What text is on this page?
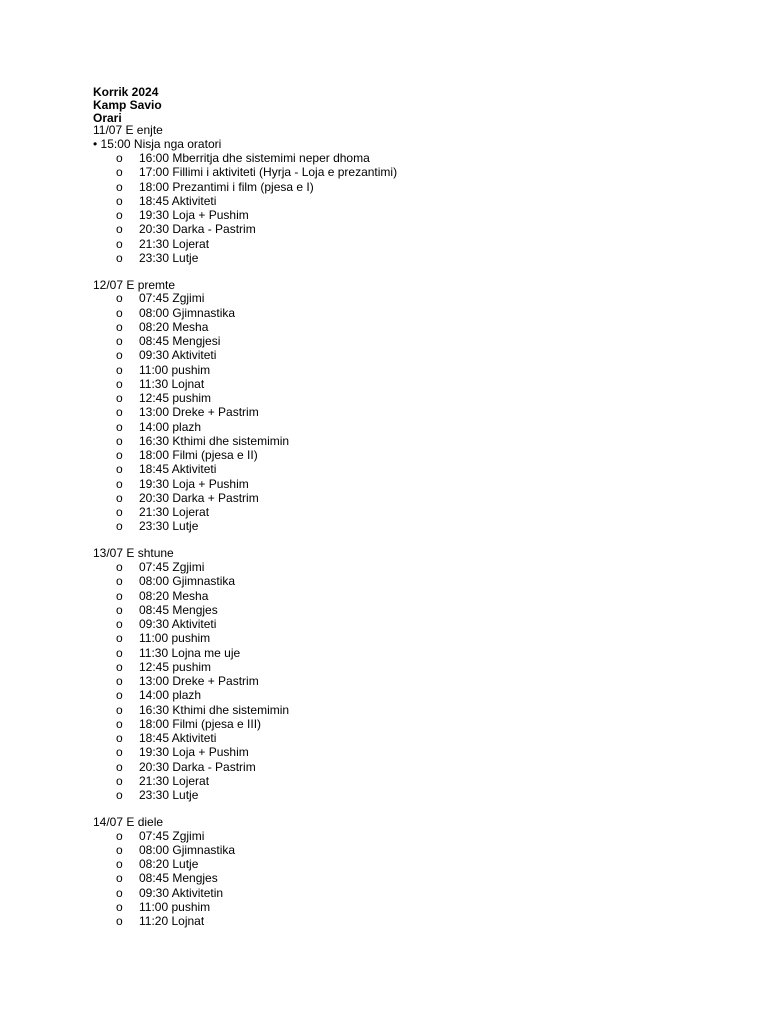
Korrik 2024
Kamp Savio
Orari
11/07 E enjte
• 15:00 Nisja nga oratori
o 16:00 Mberritja dhe sistemimi neper dhoma
o 17:00 Fillimi i aktiviteti (Hyrja - Loja e prezantimi)
o 18:00 Prezantimi i film (pjesa e I)
o 18:45 Aktiviteti
o 19:30 Loja + Pushim
o 20:30 Darka - Pastrim
o 21:30 Lojerat
o 23:30 Lutje
12/07 E premte
o 07:45 Zgjimi
o 08:00 Gjimnastika
o 08:20 Mesha
o 08:45 Mengjesi
o 09:30 Aktiviteti
o 11:00 pushim
o 11:30 Lojnat
o 12:45 pushim
o 13:00 Dreke + Pastrim
o 14:00 plazh
o 16:30 Kthimi dhe sistemimin
o 18:00 Filmi (pjesa e II)
o 18:45 Aktiviteti
o 19:30 Loja + Pushim
o 20:30 Darka + Pastrim
o 21:30 Lojerat
o 23:30 Lutje
13/07 E shtune
o 07:45 Zgjimi
o 08:00 Gjimnastika
o 08:20 Mesha
o 08:45 Mengjes
o 09:30 Aktiviteti
o 11:00 pushim
o 11:30 Lojna me uje
o 12:45 pushim
o 13:00 Dreke + Pastrim
o 14:00 plazh
o 16:30 Kthimi dhe sistemimin
o 18:00 Filmi (pjesa e III)
o 18:45 Aktiviteti
o 19:30 Loja + Pushim
o 20:30 Darka - Pastrim
o 21:30 Lojerat
o 23:30 Lutje
14/07 E diele
o 07:45 Zgjimi
o 08:00 Gjimnastika
o 08:20 Lutje
o 08:45 Mengjes
o 09:30 Aktivitetin
o 11:00 pushim
o 11:20 Lojnat
